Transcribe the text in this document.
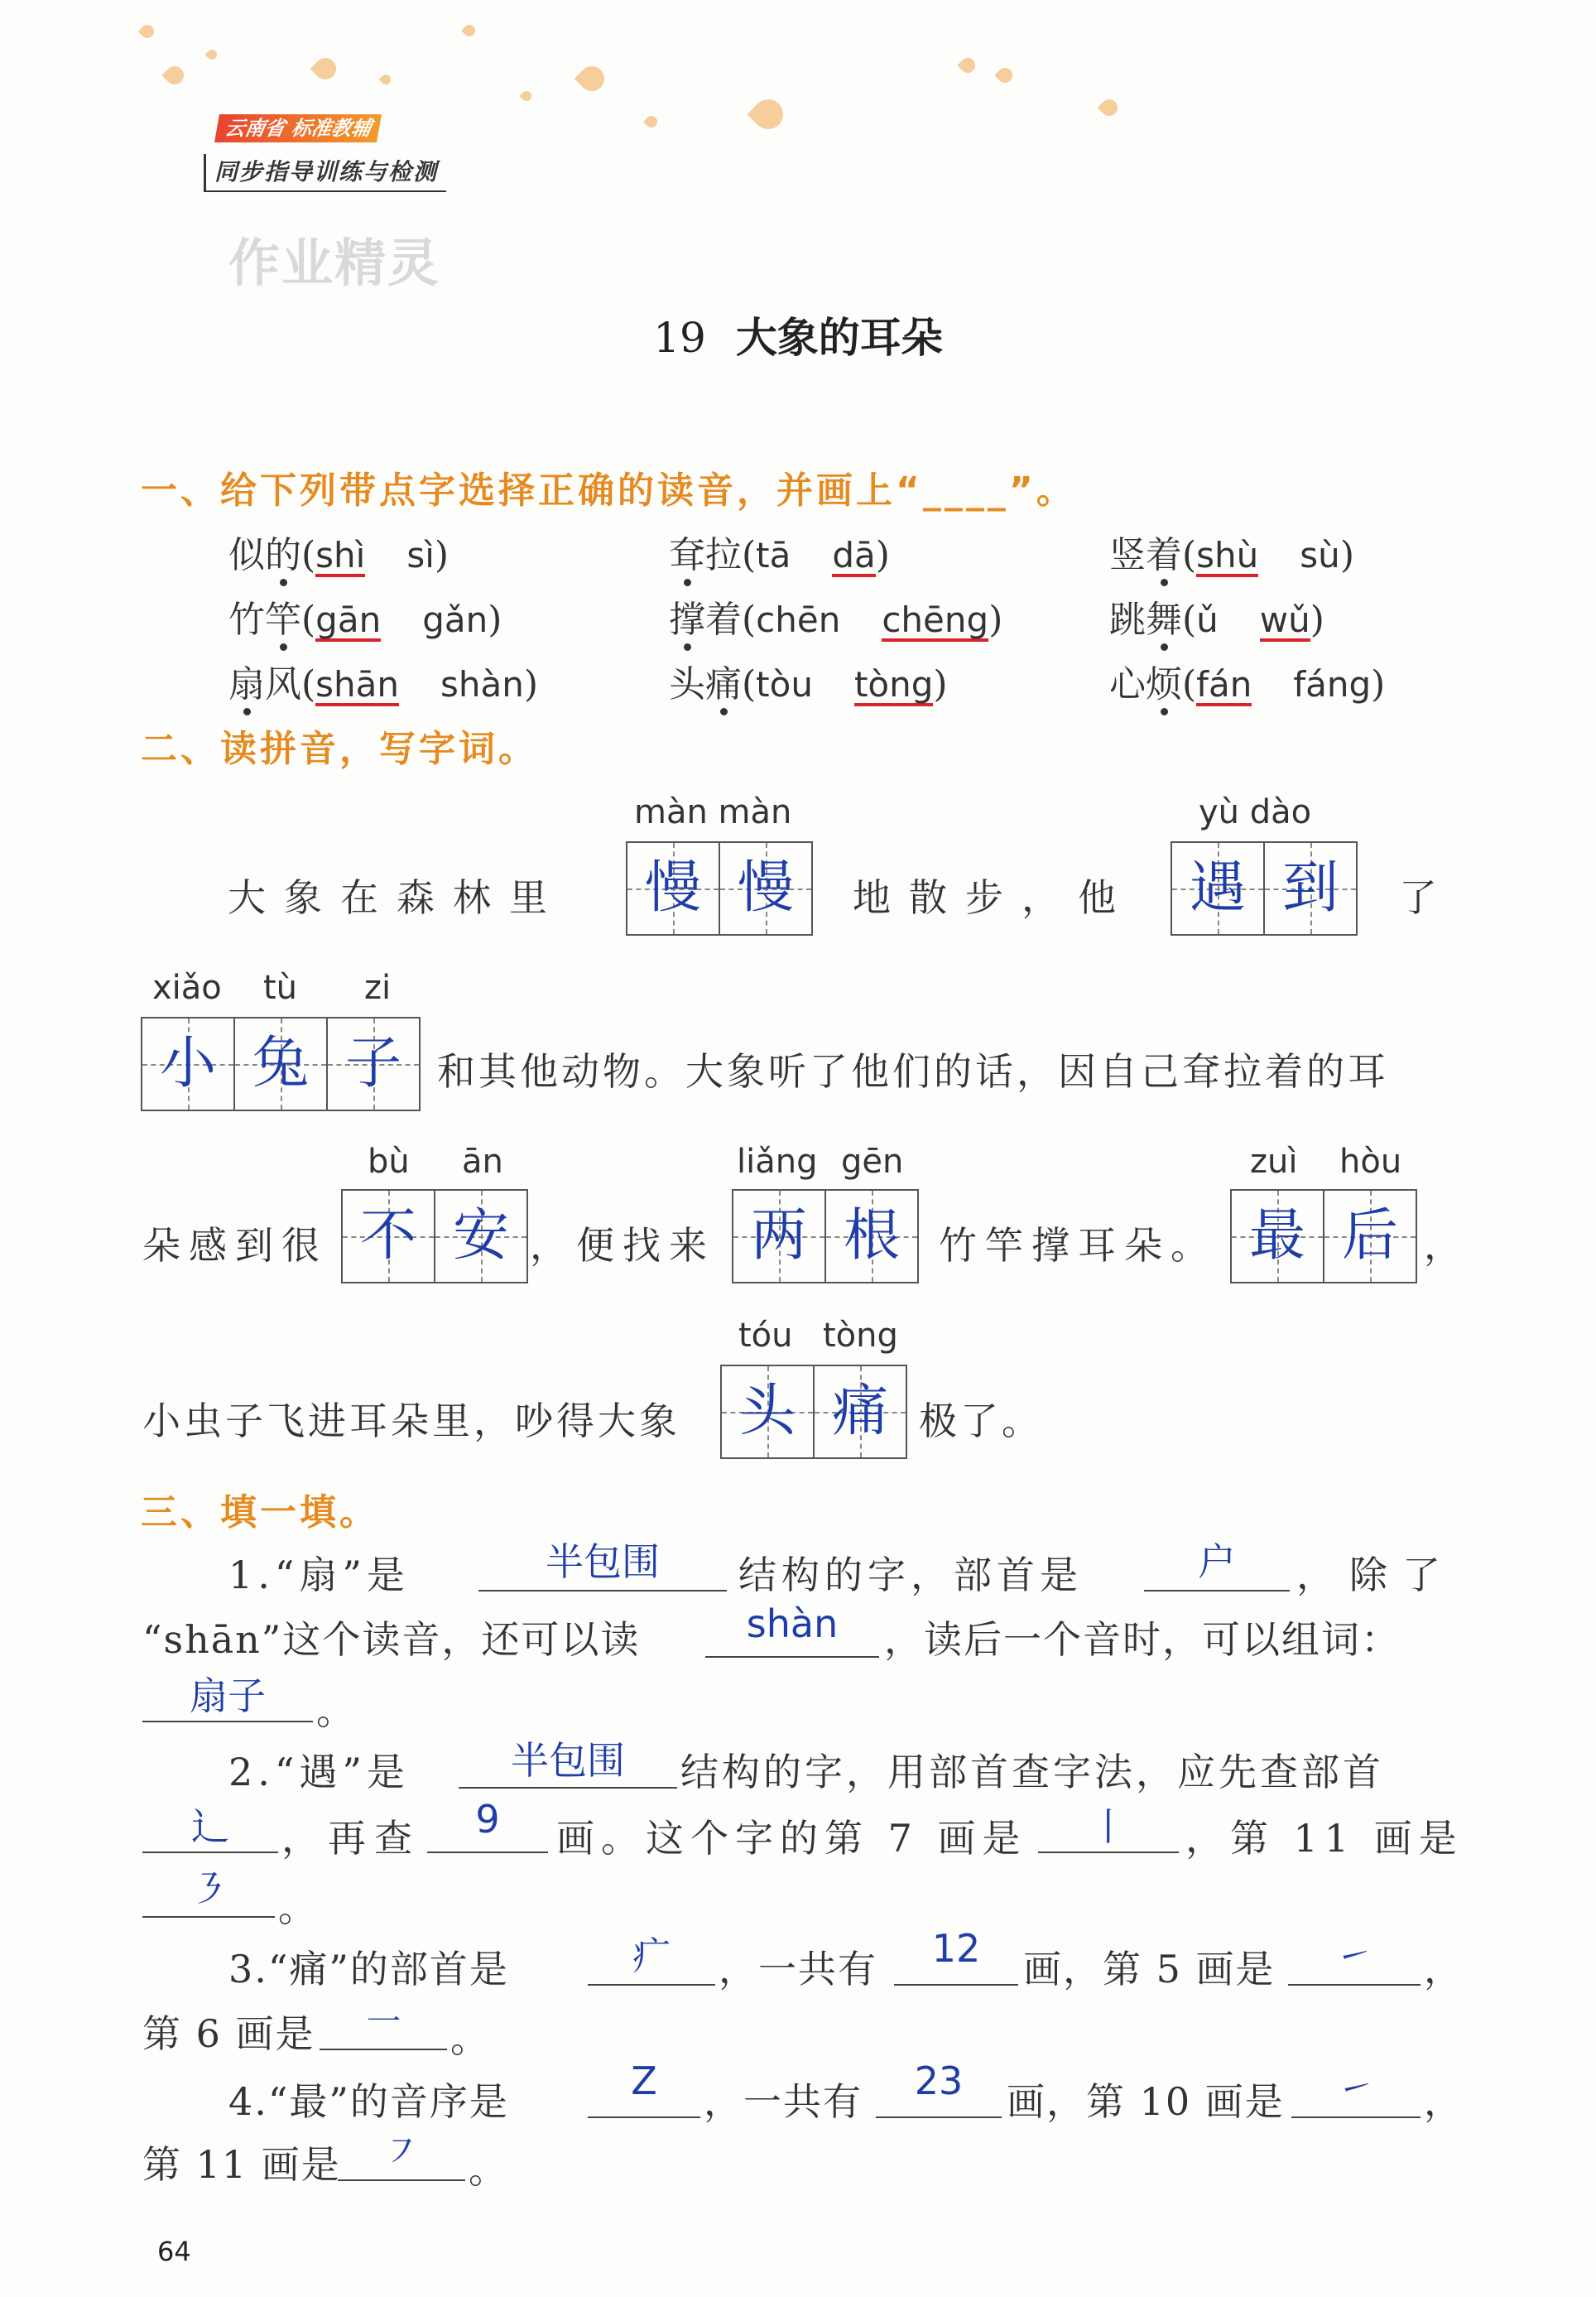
云南省 标准教辅
同步指导训练与检测
作业精灵
19 大象的耳朵
一、给下列带点字选择正确的读音，并画上“____”。
似的(shì sì)	耷拉(tā dā)	竖着(shù sù)
竹竿(gān gǎn)	撑着(chēn chēng)	跳舞(ǔ wǔ)
扇风(shān shàn)	头痛(tòu tòng)	心烦(fán fáng)
二、读拼音，写字词。
大象在森林里
màn màn
慢 慢	地散步，他
yù dào
遇 到	了
xiǎo tù zi
小 兔 子 和其他动物。大象听了他们的话，因自己耷拉着的耳
朵感到很
bù ān
不 安 ，便找来
liǎng gēn
两 根	竹竿撑耳朵。
zuì hòu
最 后 ，
小虫子飞进耳朵里，吵得大象
tóu tòng
头 痛 极了。
三、填一填。
1.“扇”是	半包围	结构的字，部首是	户	，除了
“shān”这个读音，还可以读	shàn	，读后一个音时，可以组词：
扇子	。
2.“遇”是	半包围	结构的字，用部首查字法，应先查部首
辶	，再查	9	画。这个字的第 7 画是	丨	，第 11 画是
㇋	。
3.“痛”的部首是	疒	，一共有	12	画，第 5 画是	㇀	，
第 6 画是	㇐	。
4.“最”的音序是	Z	，一共有	23	画，第 10 画是	㇀	，
第 11 画是	㇇	。
64
